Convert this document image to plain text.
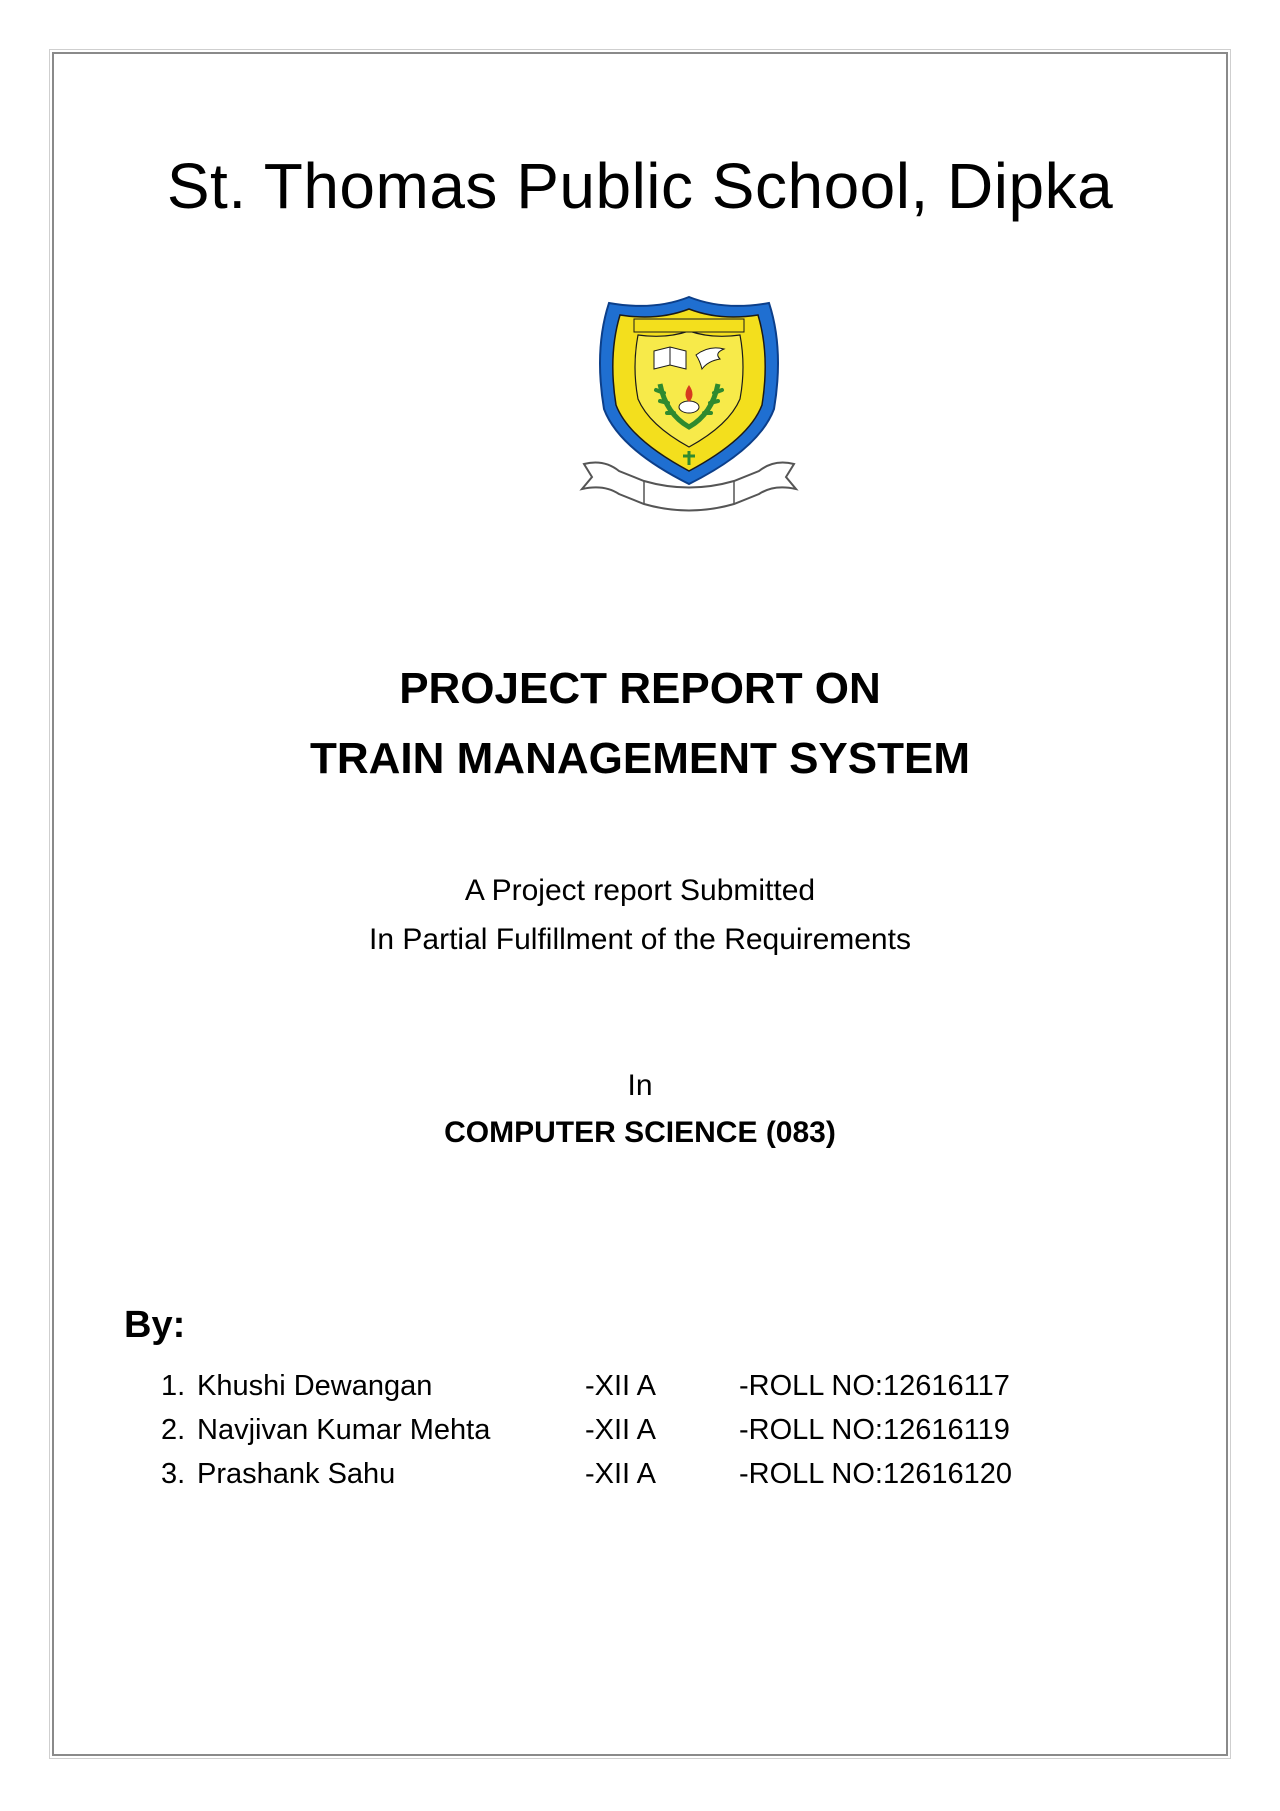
St. Thomas Public School, Dipka
PROJECT REPORT ON
TRAIN MANAGEMENT SYSTEM
A Project report Submitted
In Partial Fulfillment of the Requirements
In
COMPUTER SCIENCE (083)
By:
1. Khushi Dewangan	-XII A	-ROLL NO:12616117
2. Navjivan Kumar Mehta	-XII A	-ROLL NO:12616119
3. Prashank Sahu	-XII A	-ROLL NO:12616120
